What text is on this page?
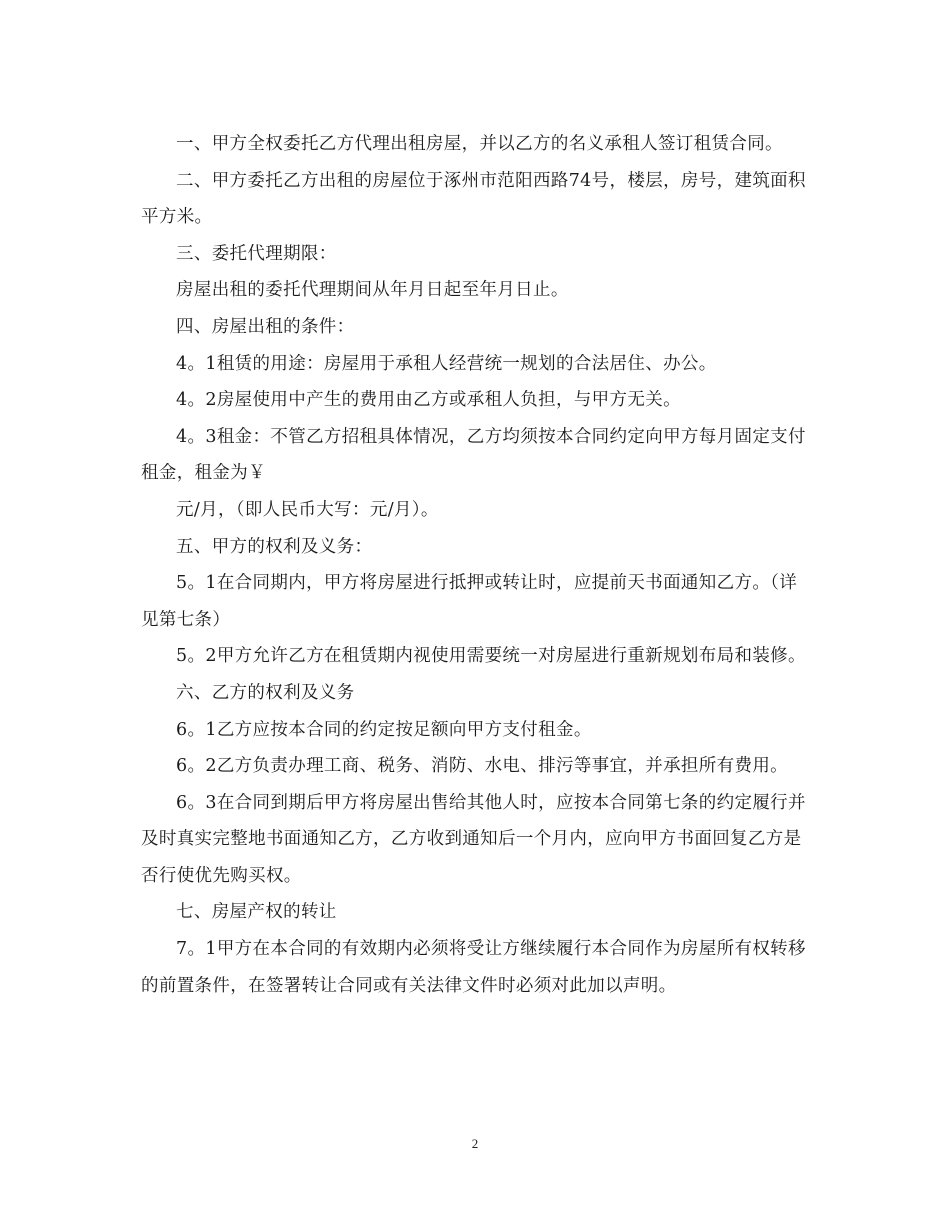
一、甲方全权委托乙方代理出租房屋，并以乙方的名义承租人签订租赁合同。

二、甲方委托乙方出租的房屋位于涿州市范阳西路74号，楼层，房号，建筑面积平方米。

三、委托代理期限：

房屋出租的委托代理期间从年月日起至年月日止。

四、房屋出租的条件：

4。1租赁的用途：房屋用于承租人经营统一规划的合法居住、办公。

4。2房屋使用中产生的费用由乙方或承租人负担，与甲方无关。

4。3租金：不管乙方招租具体情况，乙方均须按本合同约定向甲方每月固定支付租金，租金为￥

元/月，（即人民币大写：元/月）。

五、甲方的权利及义务：

5。1在合同期内，甲方将房屋进行抵押或转让时，应提前天书面通知乙方。（详见第七条）

5。2甲方允许乙方在租赁期内视使用需要统一对房屋进行重新规划布局和装修。

六、乙方的权利及义务

6。1乙方应按本合同的约定按足额向甲方支付租金。

6。2乙方负责办理工商、税务、消防、水电、排污等事宜，并承担所有费用。

6。3在合同到期后甲方将房屋出售给其他人时，应按本合同第七条的约定履行并及时真实完整地书面通知乙方，乙方收到通知后一个月内，应向甲方书面回复乙方是否行使优先购买权。

七、房屋产权的转让

7。1甲方在本合同的有效期内必须将受让方继续履行本合同作为房屋所有权转移的前置条件，在签署转让合同或有关法律文件时必须对此加以声明。

2
